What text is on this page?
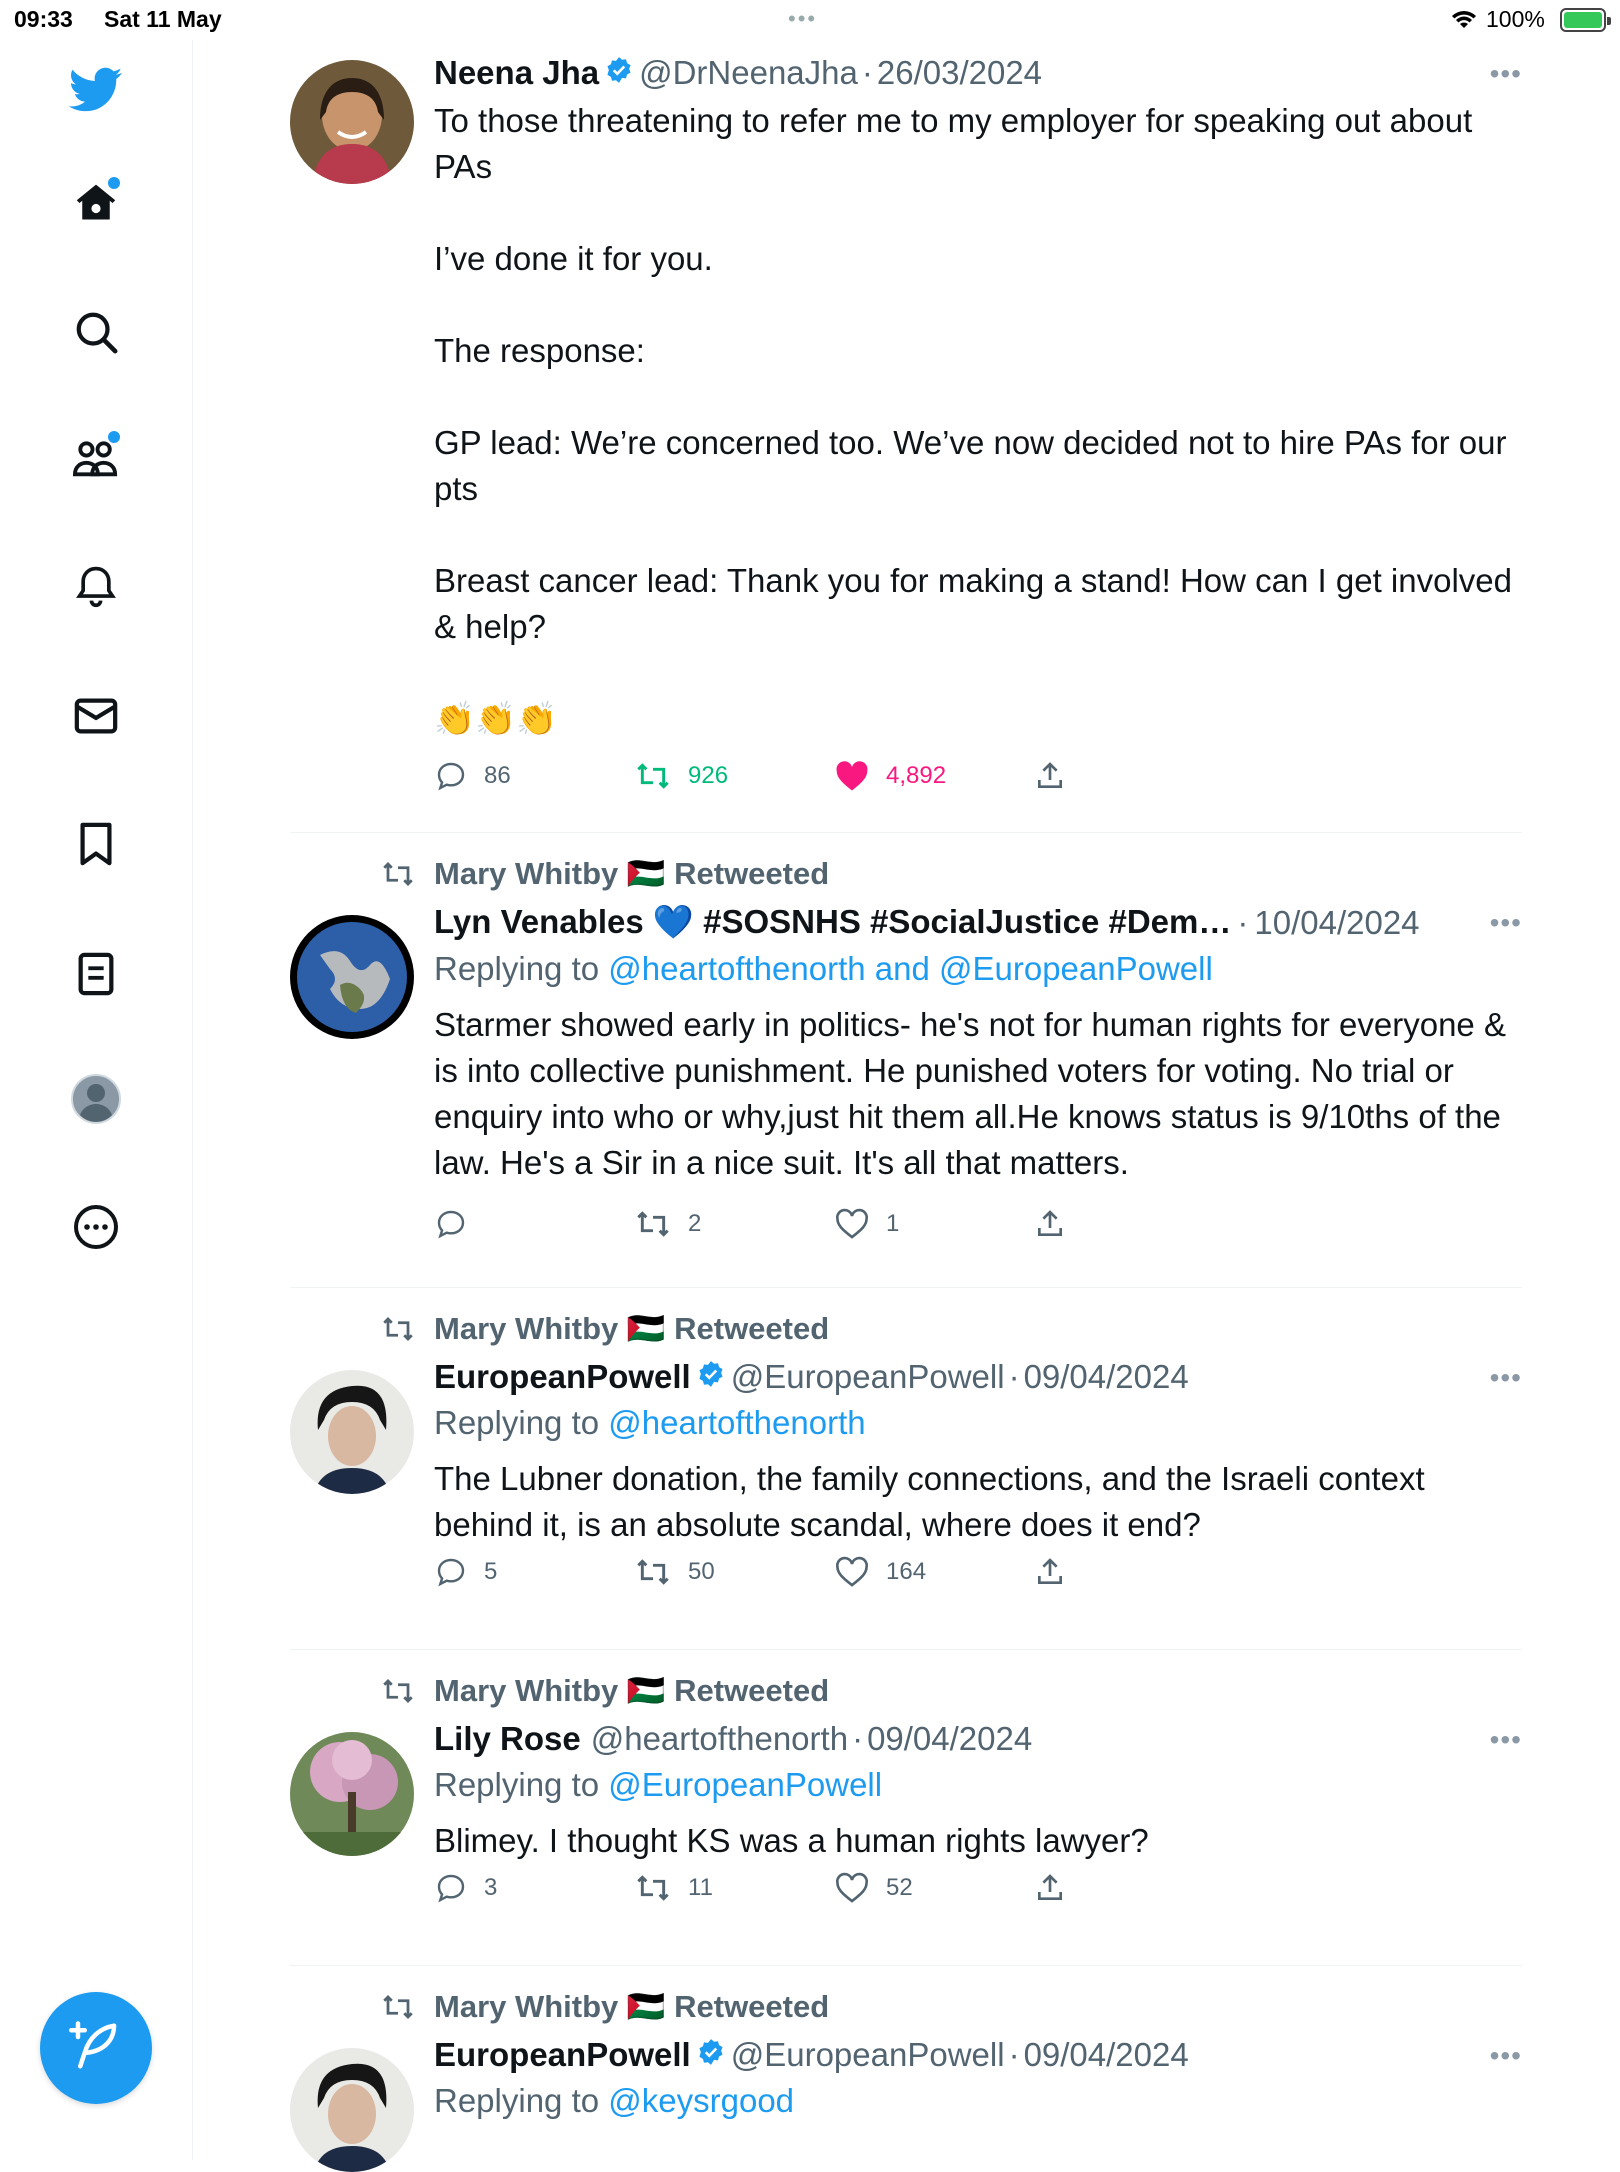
09:33 Sat 11 May	•••	100%
Neena Jha @DrNeenaJha · 26/03/2024	•••
To those threatening to refer me to my employer for speaking out about PAs

I’ve done it for you.

The response:

GP lead: We’re concerned too. We’ve now decided not to hire PAs for our pts

Breast cancer lead: Thank you for making a stand! How can I get involved & help?

👏👏👏
86	926	4,892
Mary Whitby 🇵🇸 Retweeted
Lyn Venables 💙 #SOSNHS #SocialJustice #Dem… · 10/04/2024	•••
Replying to @heartofthenorth and @EuropeanPowell
Starmer showed early in politics- he's not for human rights for everyone & is into collective punishment. He punished voters for voting. No trial or enquiry into who or why,just hit them all.He knows status is 9/10ths of the law. He's a Sir in a nice suit. It's all that matters.
2	1
Mary Whitby 🇵🇸 Retweeted
EuropeanPowell @EuropeanPowell · 09/04/2024	•••
Replying to @heartofthenorth
The Lubner donation, the family connections, and the Israeli context behind it, is an absolute scandal, where does it end?
5	50	164
Mary Whitby 🇵🇸 Retweeted
Lily Rose @heartofthenorth · 09/04/2024	•••
Replying to @EuropeanPowell
Blimey. I thought KS was a human rights lawyer?
3	11	52
Mary Whitby 🇵🇸 Retweeted
EuropeanPowell @EuropeanPowell · 09/04/2024	•••
Replying to @keysrgood
